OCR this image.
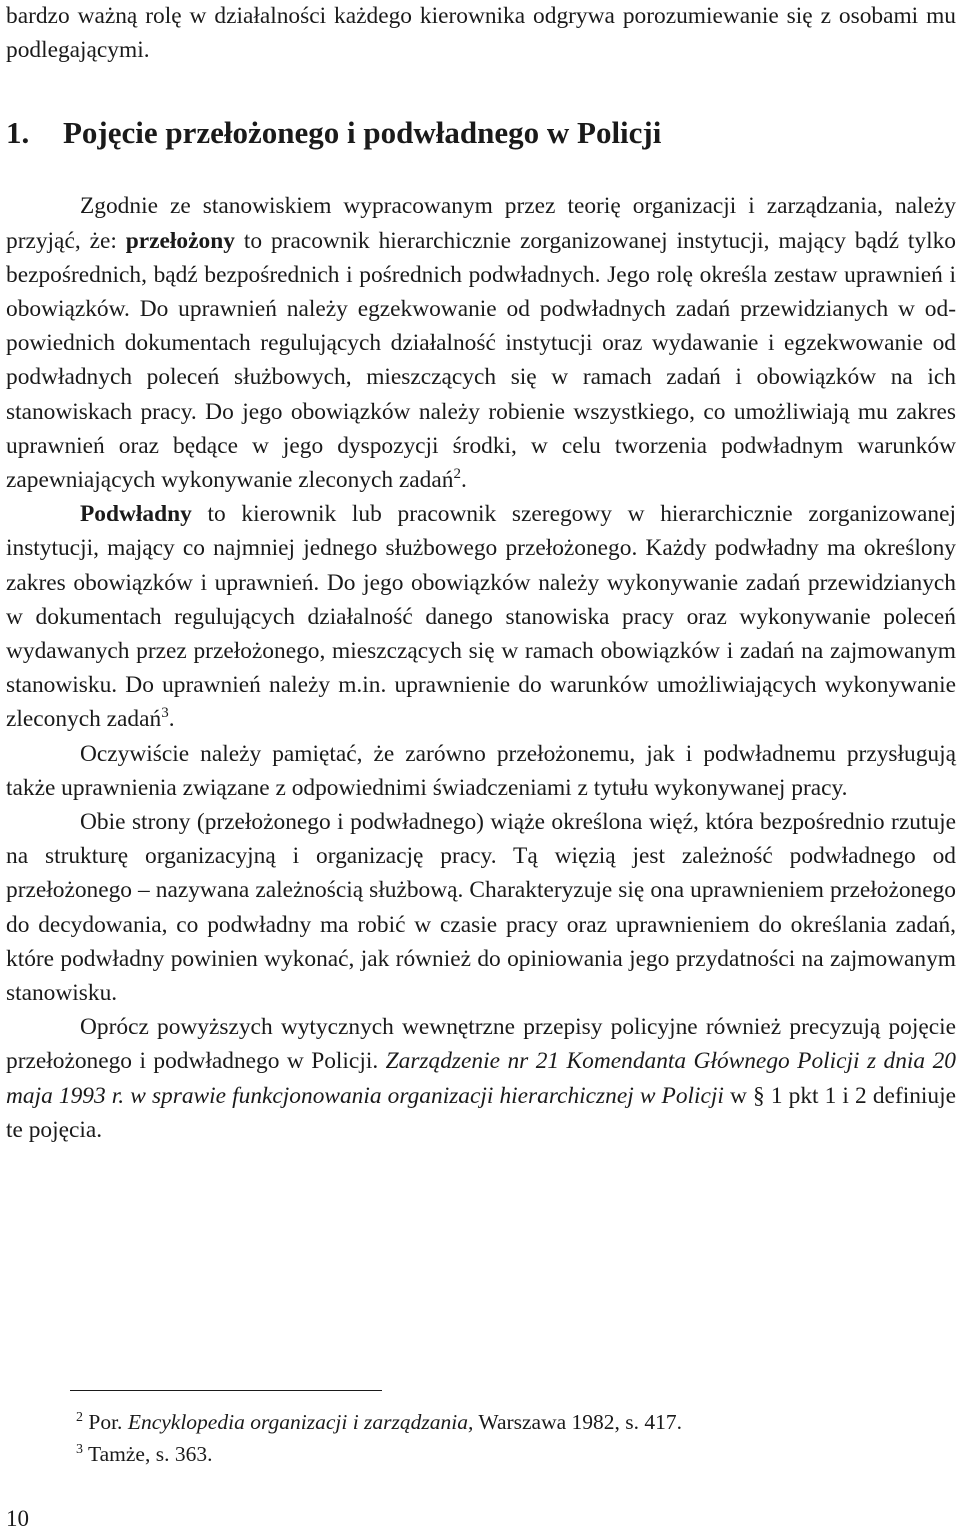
bardzo ważną rolę w działalności każdego kierownika odgrywa porozumiewanie się z osobami mu podlegającymi.

1. Pojęcie przełożonego i podwładnego w Policji

Zgodnie ze stanowiskiem wypracowanym przez teorię organizacji i zarządzania, należy przyjąć, że: przełożony to pracownik hierarchicznie zorganizowanej instytucji, mający bądź tylko bezpośrednich, bądź bezpośrednich i pośrednich podwładnych. Jego rolę określa zestaw uprawnień i obowiązków. Do uprawnień należy egzekwowanie od podwładnych zadań przewidzianych w odpowiednich dokumentach regulujących działalność instytucji oraz wydawanie i egzekwowanie od podwładnych poleceń służbowych, mieszczących się w ramach zadań i obowiązków na ich stanowiskach pracy. Do jego obowiązków należy robienie wszystkiego, co umożliwiają mu zakres uprawnień oraz będące w jego dyspozycji środki, w celu tworzenia podwładnym warunków zapewniających wykonywanie zleconych zadań$^2$.

Podwładny to kierownik lub pracownik szeregowy w hierarchicznie zorganizowanej instytucji, mający co najmniej jednego służbowego przełożonego. Każdy podwładny ma określony zakres obowiązków i uprawnień. Do jego obowiązków należy wykonywanie zadań przewidzianych w dokumentach regulujących działalność danego stanowiska pracy oraz wykonywanie poleceń wydawanych przez przełożonego, mieszczących się w ramach obowiązków i zadań na zajmowanym stanowisku. Do uprawnień należy m.in. uprawnienie do warunków umożliwiających wykonywanie zleconych zadań$^3$.

Oczywiście należy pamiętać, że zarówno przełożonemu, jak i podwładnemu przysługują także uprawnienia związane z odpowiednimi świadczeniami z tytułu wykonywanej pracy.

Obie strony (przełożonego i podwładnego) wiąże określona więź, która bezpośrednio rzutuje na strukturę organizacyjną i organizację pracy. Tą więzią jest zależność podwładnego od przełożonego – nazywana zależnością służbową. Charakteryzuje się ona uprawnieniem przełożonego do decydowania, co podwładny ma robić w czasie pracy oraz uprawnieniem do określania zadań, które podwładny powinien wykonać, jak również do opiniowania jego przydatności na zajmowanym stanowisku.

Oprócz powyższych wytycznych wewnętrzne przepisy policyjne również precyzują pojęcie przełożonego i podwładnego w Policji. Zarządzenie nr 21 Komendanta Głównego Policji z dnia 20 maja 1993 r. w sprawie funkcjonowania organizacji hierarchicznej w Policji w § 1 pkt 1 i 2 definiuje te pojęcia.

$^2$ Por. Encyklopedia organizacji i zarządzania, Warszawa 1982, s. 417.
$^3$ Tamże, s. 363.
10
